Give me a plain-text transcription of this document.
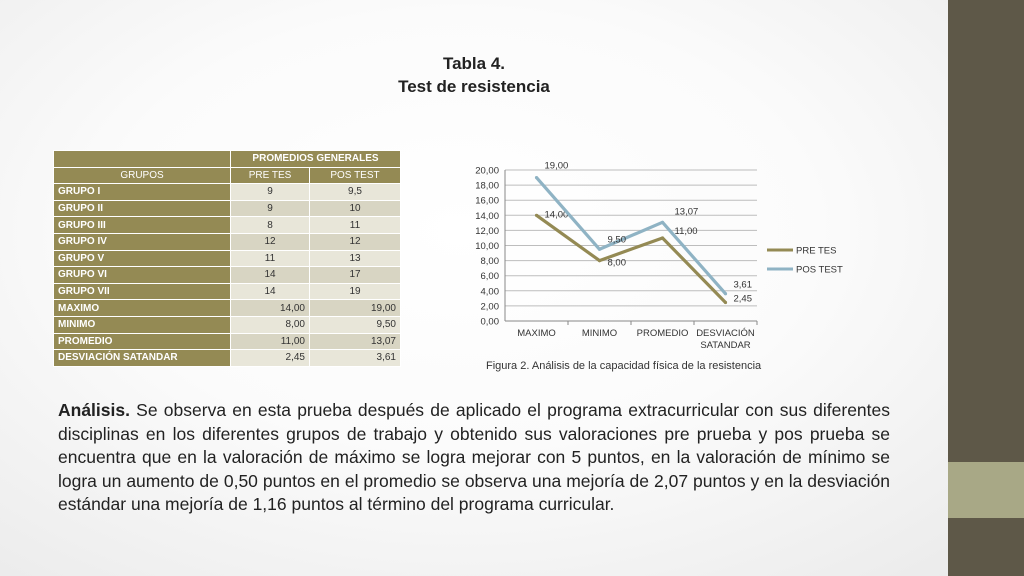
Tabla 4.
Test de resistencia
	PROMEDIOS GENERALES	
GRUPOS	PRE TES	POS TEST
GRUPO I	9	9,5
GRUPO II	9	10
GRUPO III	8	11
GRUPO IV	12	12
GRUPO V	11	13
GRUPO VI	14	17
GRUPO VII	14	19
MAXIMO	14,00	19,00
MINIMO	8,00	9,50
PROMEDIO	11,00	13,07
DESVIACIÓN SATANDAR	2,45	3,61
0,00
2,00
4,00
6,00
8,00
10,00
12,00
14,00
16,00
18,00
20,00
MAXIMO	MINIMO PROMEDIO DESVIACIÓN
SATANDAR
14,00
8,00
11,00
2,45
19,00
9,50
13,07
3,61
PRE TES
POS TEST
Figura 2. Análisis de la capacidad física de la resistencia
Análisis. Se observa en esta prueba después de aplicado el programa extracurricular con sus diferentes disciplinas en los diferentes grupos de trabajo y obtenido sus valoraciones pre prueba y pos prueba se encuentra que en la valoración de máximo se logra mejorar con 5 puntos, en la valoración de mínimo se logra un aumento de 0,50 puntos en el promedio se observa una mejoría de 2,07 puntos y en la desviación estándar una mejoría de 1,16 puntos al término del programa curricular.
